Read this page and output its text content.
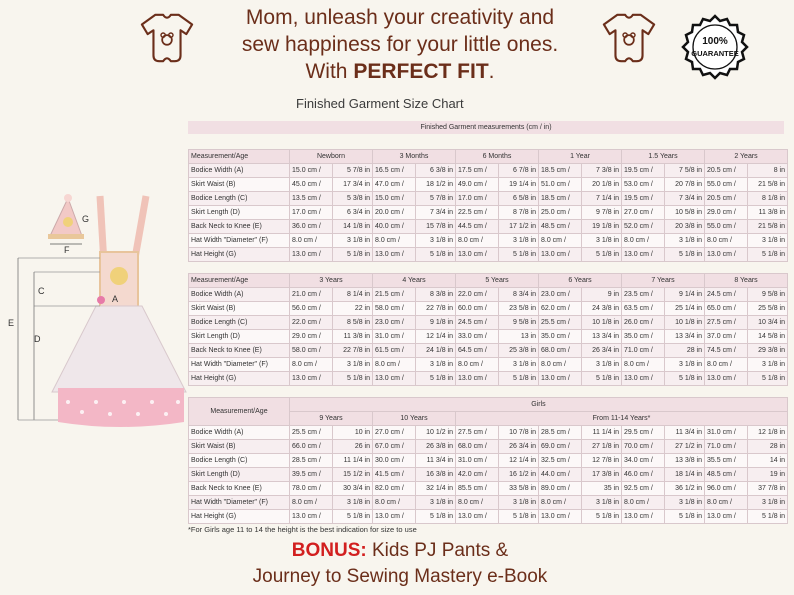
Mom, unleash your creativity and
sew happiness for your little ones.
With PERFECT FIT.
100%
GUARANTEE
Finished Garment Size Chart
Finished Garment measurements (cm / in)
G
F
A
C
E
D
Measurement/Age	Newborn		3 Months		6 Months		1 Year		1.5 Years		2 Years	
Bodice Width (A)	15.0 cm /	5 7/8 in	16.5 cm /	6 3/8 in	17.5 cm /	6 7/8 in	18.5 cm /	7 3/8 in	19.5 cm /	7 5/8 in	20.5 cm /	8 in
Skirt Waist (B)	45.0 cm /	17 3/4 in	47.0 cm /	18 1/2 in	49.0 cm /	19 1/4 in	51.0 cm /	20 1/8 in	53.0 cm /	20 7/8 in	55.0 cm /	21 5/8 in
Bodice Length (C)	13.5 cm /	5 3/8 in	15.0 cm /	5 7/8 in	17.0 cm /	6 5/8 in	18.5 cm /	7 1/4 in	19.5 cm /	7 3/4 in	20.5 cm /	8 1/8 in
Skirt Length (D)	17.0 cm /	6 3/4 in	20.0 cm /	7 3/4 in	22.5 cm /	8 7/8 in	25.0 cm /	9 7/8 in	27.0 cm /	10 5/8 in	29.0 cm /	11 3/8 in
Back Neck to Knee (E)	36.0 cm /	14 1/8 in	40.0 cm /	15 7/8 in	44.5 cm /	17 1/2 in	48.5 cm /	19 1/8 in	52.0 cm /	20 3/8 in	55.0 cm /	21 5/8 in
Hat Width "Diameter" (F)	8.0 cm /	3 1/8 in	8.0 cm /	3 1/8 in	8.0 cm /	3 1/8 in	8.0 cm /	3 1/8 in	8.0 cm /	3 1/8 in	8.0 cm /	3 1/8 in
Hat Height (G)	13.0 cm /	5 1/8 in	13.0 cm /	5 1/8 in	13.0 cm /	5 1/8 in	13.0 cm /	5 1/8 in	13.0 cm /	5 1/8 in	13.0 cm /	5 1/8 in
Measurement/Age	3 Years		4 Years		5 Years		6 Years		7 Years		8 Years	
Bodice Width (A)	21.0 cm /	8 1/4 in	21.5 cm /	8 3/8 in	22.0 cm /	8 3/4 in	23.0 cm /	9 in	23.5 cm /	9 1/4 in	24.5 cm /	9 5/8 in
Skirt Waist (B)	56.0 cm /	22 in	58.0 cm /	22 7/8 in	60.0 cm /	23 5/8 in	62.0 cm /	24 3/8 in	63.5 cm /	25 1/4 in	65.0 cm /	25 5/8 in
Bodice Length (C)	22.0 cm /	8 5/8 in	23.0 cm /	9 1/8 in	24.5 cm /	9 5/8 in	25.5 cm /	10 1/8 in	26.0 cm /	10 1/8 in	27.5 cm /	10 3/4 in
Skirt Length (D)	29.0 cm /	11 3/8 in	31.0 cm /	12 1/4 in	33.0 cm /	13 in	35.0 cm /	13 3/4 in	35.0 cm /	13 3/4 in	37.0 cm /	14 5/8 in
Back Neck to Knee (E)	58.0 cm /	22 7/8 in	61.5 cm /	24 1/8 in	64.5 cm /	25 3/8 in	68.0 cm /	26 3/4 in	71.0 cm /	28 in	74.5 cm /	29 3/8 in
Hat Width "Diameter" (F)	8.0 cm /	3 1/8 in	8.0 cm /	3 1/8 in	8.0 cm /	3 1/8 in	8.0 cm /	3 1/8 in	8.0 cm /	3 1/8 in	8.0 cm /	3 1/8 in
Hat Height (G)	13.0 cm /	5 1/8 in	13.0 cm /	5 1/8 in	13.0 cm /	5 1/8 in	13.0 cm /	5 1/8 in	13.0 cm /	5 1/8 in	13.0 cm /	5 1/8 in
Measurement/Age	Girls											
	9 Years		10 Years		From 11-14 Years*							
Bodice Width (A)	25.5 cm /	10 in	27.0 cm /	10 1/2 in	27.5 cm /	10 7/8 in	28.5 cm /	11 1/4 in	29.5 cm /	11 3/4 in	31.0 cm /	12 1/8 in
Skirt Waist (B)	66.0 cm /	26 in	67.0 cm /	26 3/8 in	68.0 cm /	26 3/4 in	69.0 cm /	27 1/8 in	70.0 cm /	27 1/2 in	71.0 cm /	28 in
Bodice Length (C)	28.5 cm /	11 1/4 in	30.0 cm /	11 3/4 in	31.0 cm /	12 1/4 in	32.5 cm /	12 7/8 in	34.0 cm /	13 3/8 in	35.5 cm /	14 in
Skirt Length (D)	39.5 cm /	15 1/2 in	41.5 cm /	16 3/8 in	42.0 cm /	16 1/2 in	44.0 cm /	17 3/8 in	46.0 cm /	18 1/4 in	48.5 cm /	19 in
Back Neck to Knee (E)	78.0 cm /	30 3/4 in	82.0 cm /	32 1/4 in	85.5 cm /	33 5/8 in	89.0 cm /	35 in	92.5 cm /	36 1/2 in	96.0 cm /	37 7/8 in
Hat Width "Diameter" (F)	8.0 cm /	3 1/8 in	8.0 cm /	3 1/8 in	8.0 cm /	3 1/8 in	8.0 cm /	3 1/8 in	8.0 cm /	3 1/8 in	8.0 cm /	3 1/8 in
Hat Height (G)	13.0 cm /	5 1/8 in	13.0 cm /	5 1/8 in	13.0 cm /	5 1/8 in	13.0 cm /	5 1/8 in	13.0 cm /	5 1/8 in	13.0 cm /	5 1/8 in
*For Girls age 11 to 14 the height is the best indication for size to use
BONUS: Kids PJ Pants &
Journey to Sewing Mastery e-Book
